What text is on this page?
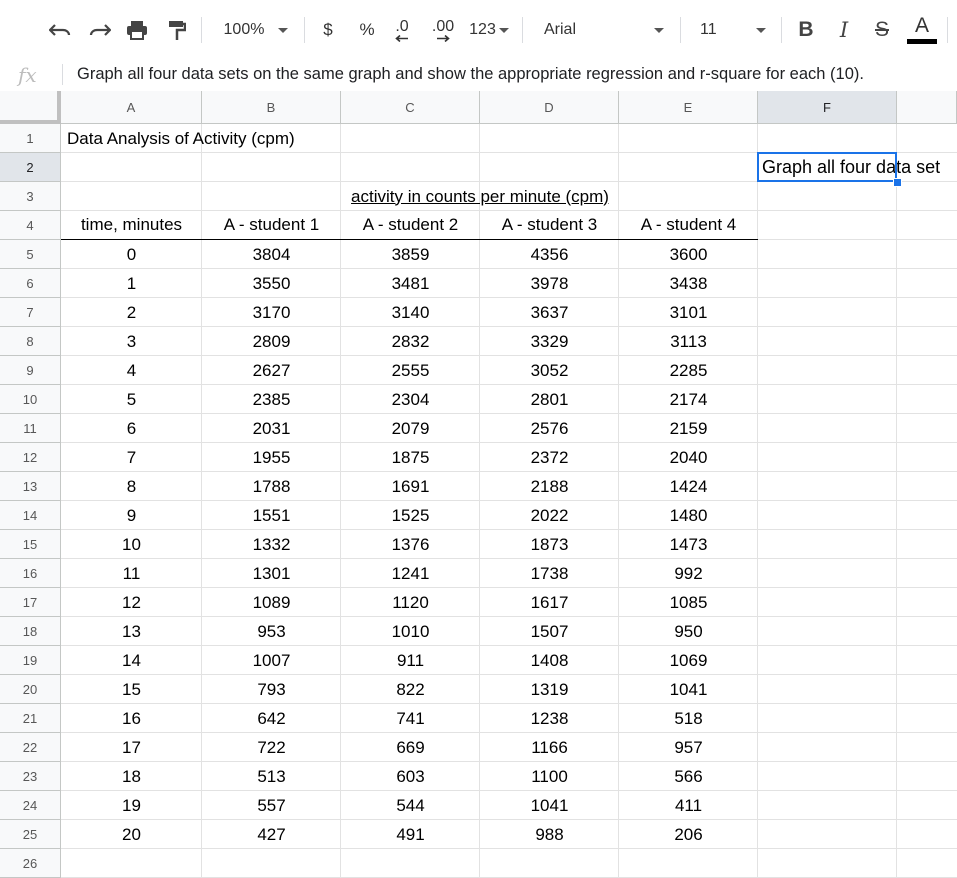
100%	$	% .0 .00 123	Arial	11	B	I	S A
fx Graph all four data sets on the same graph and show the appropriate regression and r-square for each (10).
A	B	C	D	E	F
1
2
3
4
5
6
7
8
9
10
11
12
13
14
15
16
17
18
19
20
21
22
23
24
25
26
Data Analysis of Activity (cpm)
Graph all four data set
activity in counts per minute (cpm)
time, minutes	A - student 1	A - student 2	A - student 3	A - student 4
0	3804	3859	4356	3600
1	3550	3481	3978	3438
2	3170	3140	3637	3101
3	2809	2832	3329	3113
4	2627	2555	3052	2285
5	2385	2304	2801	2174
6	2031	2079	2576	2159
7	1955	1875	2372	2040
8	1788	1691	2188	1424
9	1551	1525	2022	1480
10	1332	1376	1873	1473
11	1301	1241	1738	992
12	1089	1120	1617	1085
13	953	1010	1507	950
14	1007	911	1408	1069
15	793	822	1319	1041
16	642	741	1238	518
17	722	669	1166	957
18	513	603	1100	566
19	557	544	1041	411
20	427	491	988	206
